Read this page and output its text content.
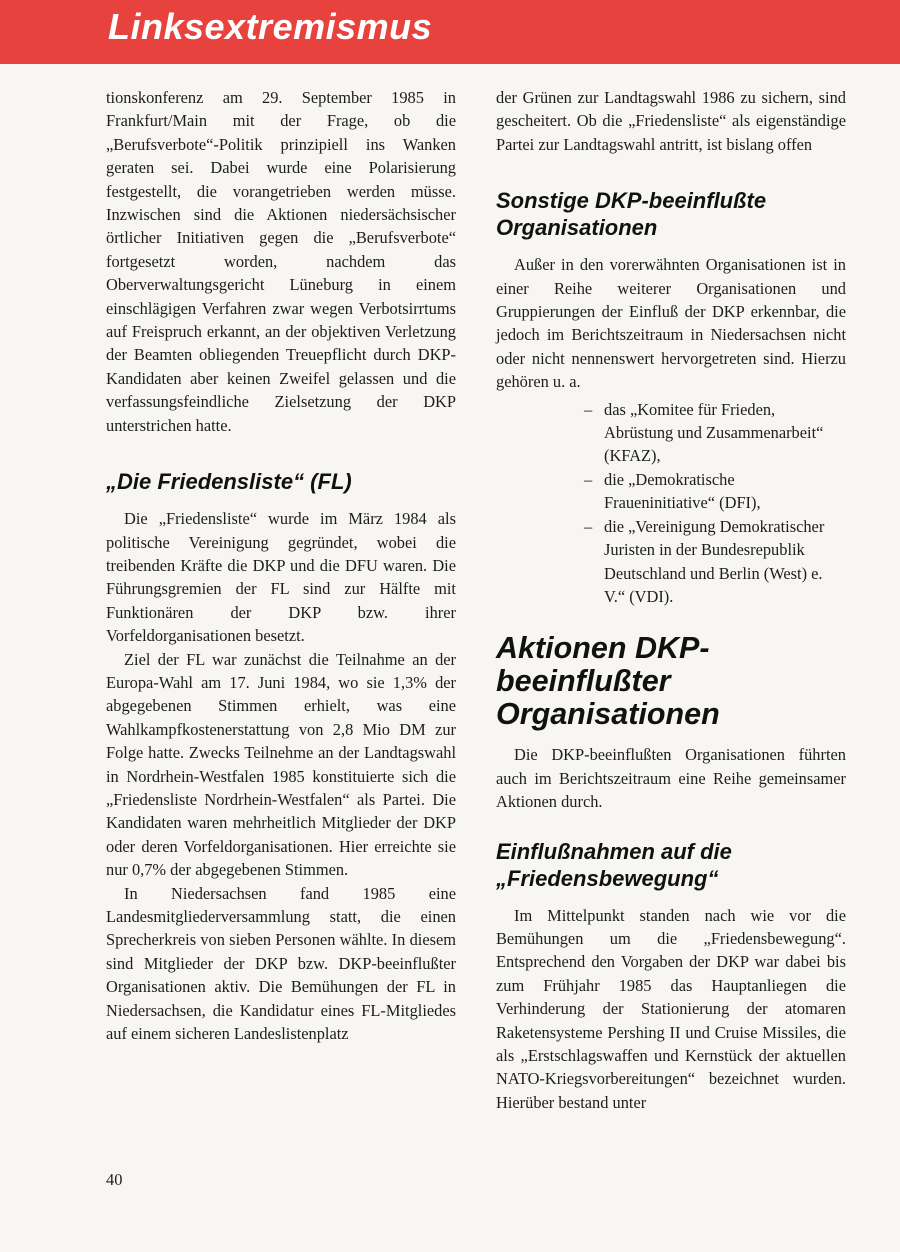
Linksextremismus

tionskonferenz am 29. September 1985 in Frankfurt/Main mit der Frage, ob die „Berufsverbote“-Politik prinzipiell ins Wanken geraten sei. Dabei wurde eine Polarisierung festgestellt, die vorangetrieben werden müsse. Inzwischen sind die Aktionen niedersächsischer örtlicher Initiativen gegen die „Berufsverbote“ fortgesetzt worden, nachdem das Oberverwaltungsgericht Lüneburg in einem einschlägigen Verfahren zwar wegen Verbotsirrtums auf Freispruch erkannt, an der objektiven Verletzung der Beamten obliegenden Treuepflicht durch DKP-Kandidaten aber keinen Zweifel gelassen und die verfassungsfeindliche Zielsetzung der DKP unterstrichen hatte.

„Die Friedensliste“ (FL)

Die „Friedensliste“ wurde im März 1984 als politische Vereinigung gegründet, wobei die treibenden Kräfte die DKP und die DFU waren. Die Führungsgremien der FL sind zur Hälfte mit Funktionären der DKP bzw. ihrer Vorfeldorganisationen besetzt.

Ziel der FL war zunächst die Teilnahme an der Europa-Wahl am 17. Juni 1984, wo sie 1,3% der abgegebenen Stimmen erhielt, was eine Wahlkampfkostenerstattung von 2,8 Mio DM zur Folge hatte. Zwecks Teilnehme an der Landtagswahl in Nordrhein-Westfalen 1985 konstituierte sich die „Friedensliste Nordrhein-Westfalen“ als Partei. Die Kandidaten waren mehrheitlich Mitglieder der DKP oder deren Vorfeldorganisationen. Hier erreichte sie nur 0,7% der abgegebenen Stimmen.

In Niedersachsen fand 1985 eine Landesmitgliederversammlung statt, die einen Sprecherkreis von sieben Personen wählte. In diesem sind Mitglieder der DKP bzw. DKP-beeinflußter Organisationen aktiv. Die Bemühungen der FL in Niedersachsen, die Kandidatur eines FL-Mitgliedes auf einem sicheren Landeslistenplatz

der Grünen zur Landtagswahl 1986 zu sichern, sind gescheitert. Ob die „Friedensliste“ als eigenständige Partei zur Landtagswahl antritt, ist bislang offen

Sonstige DKP-beeinflußte Organisationen

Außer in den vorerwähnten Organisationen ist in einer Reihe weiterer Organisationen und Gruppierungen der Einfluß der DKP erkennbar, die jedoch im Berichtszeitraum in Niedersachsen nicht oder nicht nennenswert hervorgetreten sind. Hierzu gehören u. a.

– das „Komitee für Frieden, Abrüstung und Zusammenarbeit“ (KFAZ),
– die „Demokratische Fraueninitiative“ (DFI),
– die „Vereinigung Demokratischer Juristen in der Bundesrepublik Deutschland und Berlin (West) e. V.“ (VDI).
Aktionen DKP-beeinflußter Organisationen

Die DKP-beeinflußten Organisationen führten auch im Berichtszeitraum eine Reihe gemeinsamer Aktionen durch.

Einflußnahmen auf die „Friedensbewegung“

Im Mittelpunkt standen nach wie vor die Bemühungen um die „Friedensbewegung“. Entsprechend den Vorgaben der DKP war dabei bis zum Frühjahr 1985 das Hauptanliegen die Verhinderung der Stationierung der atomaren Raketensysteme Pershing II und Cruise Missiles, die als „Erstschlagswaffen und Kernstück der aktuellen NATO-Kriegsvorbereitungen“ bezeichnet wurden. Hierüber bestand unter

40
